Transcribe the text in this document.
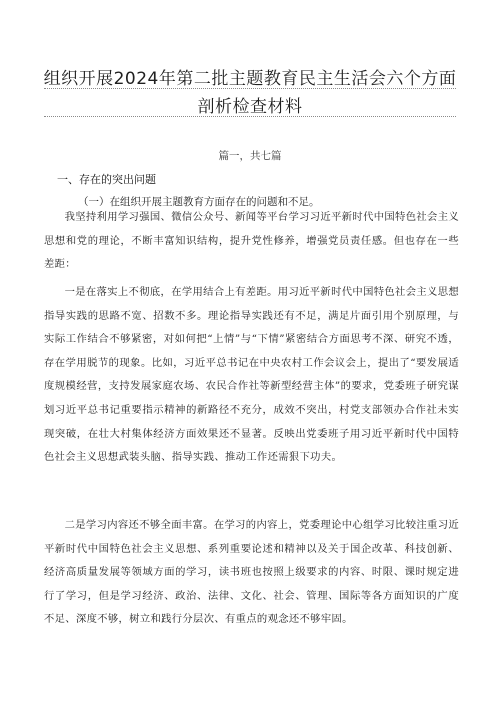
组织开展2024年第二批主题教育民主生活会六个方面
剖析检查材料
篇一，共七篇
一、存在的突出问题
（一）在组织开展主题教育方面存在的问题和不足。

我坚持利用学习强国、微信公众号、新闻等平台学习习近平新时代中国特色社会主义思想和党的理论，不断丰富知识结构，提升党性修养，增强党员责任感。但也存在一些差距：

一是在落实上不彻底，在学用结合上有差距。用习近平新时代中国特色社会主义思想指导实践的思路不宽、招数不多。理论指导实践还有不足，满足片面引用个别原理，与实际工作结合不够紧密，对如何把“上情”与“下情”紧密结合方面思考不深、研究不透，存在学用脱节的现象。比如，习近平总书记在中央农村工作会议会上，提出了“要发展适度规模经营，支持发展家庭农场、农民合作社等新型经营主体”的要求，党委班子研究谋划习近平总书记重要指示精神的新路径不充分，成效不突出，村党支部领办合作社未实现突破，在壮大村集体经济方面效果还不显著。反映出党委班子用习近平新时代中国特色社会主义思想武装头脑、指导实践、推动工作还需狠下功夫。

二是学习内容还不够全面丰富。在学习的内容上，党委理论中心组学习比较注重习近平新时代中国特色社会主义思想、系列重要论述和精神以及关于国企改革、科技创新、经济高质量发展等领域方面的学习，读书班也按照上级要求的内容、时限、课时规定进行了学习，但是学习经济、政治、法律、文化、社会、管理、国际等各方面知识的广度不足、深度不够，树立和践行分层次、有重点的观念还不够牢固。
